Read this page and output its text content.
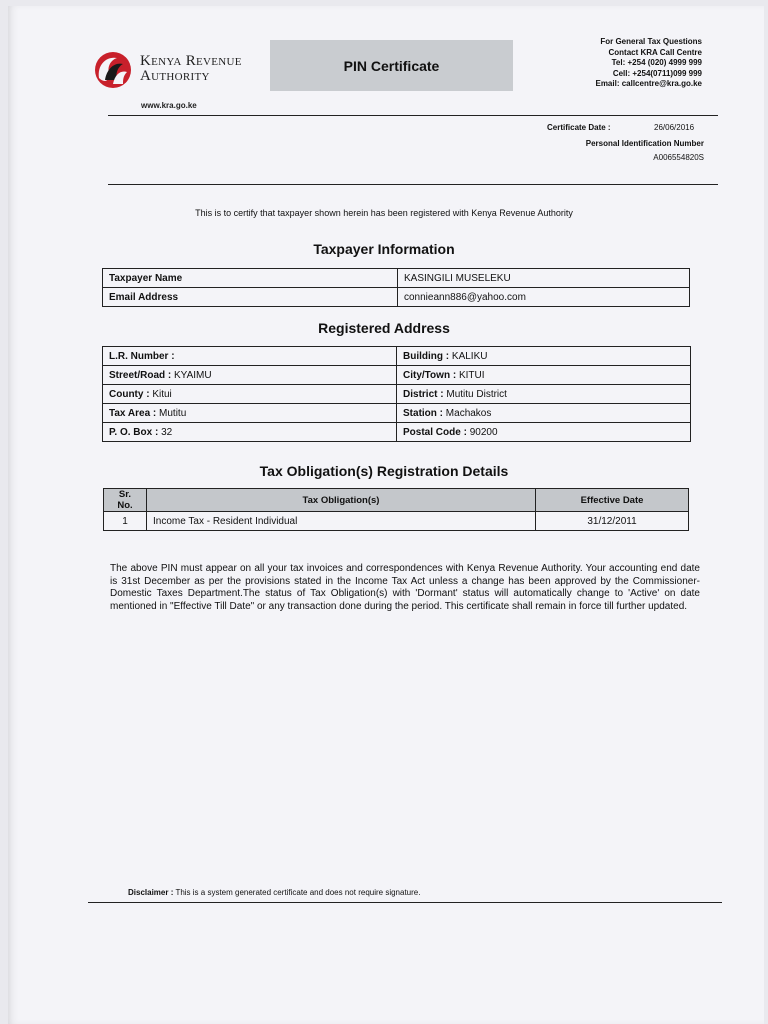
Kenya Revenue
Authority
www.kra.go.ke
PIN Certificate
For General Tax Questions
Contact KRA Call Centre
Tel: +254 (020) 4999 999
Cell: +254(0711)099 999
Email: callcentre@kra.go.ke
Certificate Date :	26/06/2016
Personal Identification Number
A006554820S
This is to certify that taxpayer shown herein has been registered with Kenya Revenue Authority
Taxpayer Information
Taxpayer Name	KASINGILI MUSELEKU
Email Address	connieann886@yahoo.com
Registered Address
L.R. Number :	Building : KALIKU
Street/Road : KYAIMU	City/Town : KITUI
County : Kitui	District : Mutitu District
Tax Area : Mutitu	Station : Machakos
P. O. Box : 32	Postal Code : 90200
Tax Obligation(s) Registration Details
Sr. No.	Tax Obligation(s)	Effective Date
1	Income Tax - Resident Individual	31/12/2011
The above PIN must appear on all your tax invoices and correspondences with Kenya Revenue Authority. Your accounting end date is 31st December as per the provisions stated in the Income Tax Act unless a change has been approved by the Commissioner-Domestic Taxes Department.The status of Tax Obligation(s) with 'Dormant' status will automatically change to 'Active' on date mentioned in "Effective Till Date" or any transaction done during the period. This certificate shall remain in force till further updated.
Disclaimer : This is a system generated certificate and does not require signature.
